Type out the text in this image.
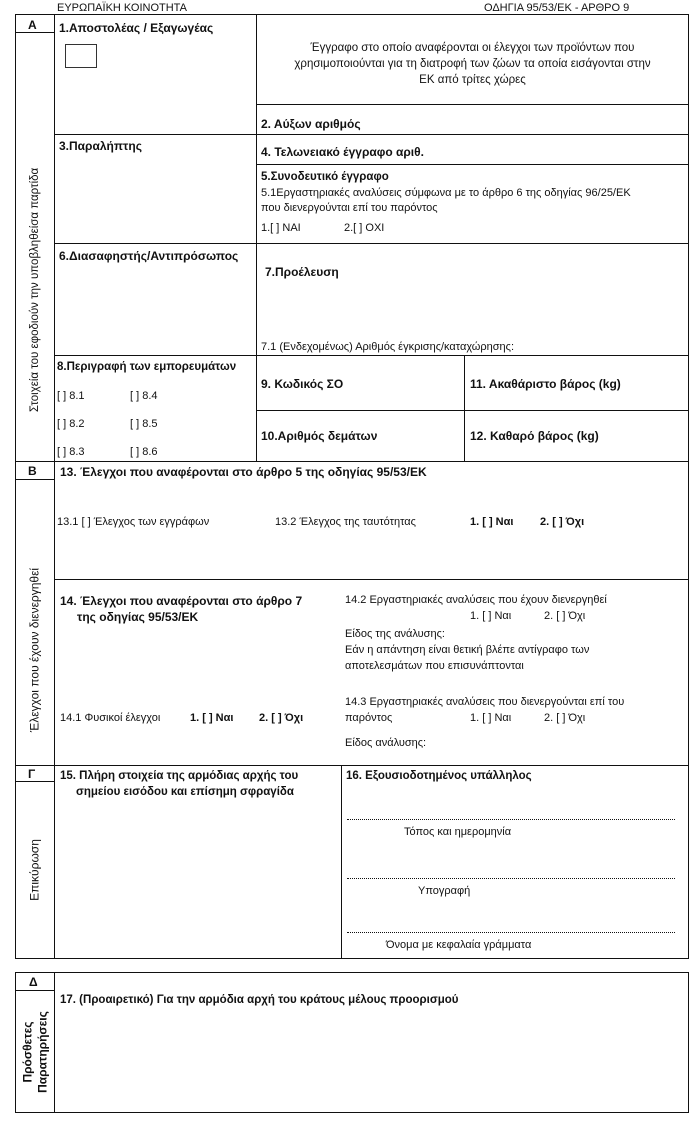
ΕΥΡΩΠΑΪΚΗ ΚΟΙΝΟΤΗΤΑ	ΟΔΗΓΙΑ 95/53/ΕΚ - ΑΡΘΡΟ 9
A
B
Γ
Στοιχεία του εφοδιούν την υποβληθείσα παρτίδα
Έλεγχοι που έχουν διενεργηθεί
Επικύρωση
1.Αποστολέας / Εξαγωγέας
Έγγραφο στο οποίο αναφέρονται οι έλεγχοι των προϊόντων που
χρησιμοποιούνται για τη διατροφή των ζώων τα οποία εισάγονται στην
ΕΚ από τρίτες χώρες
2. Αύξων αριθμός
3.Παραλήπτης	4. Τελωνειακό έγγραφο αριθ.
5.Συνοδευτικό έγγραφο
5.1Εργαστηριακές αναλύσεις σύμφωνα με το άρθρο 6 της οδηγίας 96/25/ΕΚ
που διενεργούνται επί του παρόντος
1.[ ] ΝΑΙ	2.[ ] ΟΧΙ
6.Διασαφηστής/Αντιπρόσωπος
7.Προέλευση
7.1 (Ενδεχομένως) Αριθμός έγκρισης/καταχώρησης:
8.Περιγραφή των εμπορευμάτων
[ ] 8.1	[ ] 8.4
[ ] 8.2	[ ] 8.5
[ ] 8.3	[ ] 8.6
9. Κωδικός ΣΟ
10.Αριθμός δεμάτων
11. Ακαθάριστο βάρος (kg)
12. Καθαρό βάρος (kg)
13. Έλεγχοι που αναφέρονται στο άρθρο 5 της οδηγίας 95/53/ΕΚ
13.1 [ ] Έλεγχος των εγγράφων	13.2 Έλεγχος της ταυτότητας	1. [ ] Ναι 2. [ ] Όχι
14. Έλεγχοι που αναφέρονται στο άρθρο 7
της οδηγίας 95/53/ΕΚ
14.1 Φυσικοί έλεγχοι	1. [ ] Ναι 2. [ ] Όχι
14.2 Εργαστηριακές αναλύσεις που έχουν διενεργηθεί
1. [ ] Ναι	2. [ ] Όχι
Είδος της ανάλυσης:
Εάν η απάντηση είναι θετική βλέπε αντίγραφο των
αποτελεσμάτων που επισυνάπτονται
14.3 Εργαστηριακές αναλύσεις που διενεργούνται επί του
παρόντος	1. [ ] Ναι	2. [ ] Όχι
Είδος ανάλυσης:
15. Πλήρη στοιχεία της αρμόδιας αρχής του
σημείου εισόδου και επίσημη σφραγίδα
16. Εξουσιοδοτημένος υπάλληλος
Τόπος και ημερομηνία
Υπογραφή
Όνομα με κεφαλαία γράμματα
Δ
Πρόσθετες Παρατηρήσεις
17. (Προαιρετικό) Για την αρμόδια αρχή του κράτους μέλους προορισμού
